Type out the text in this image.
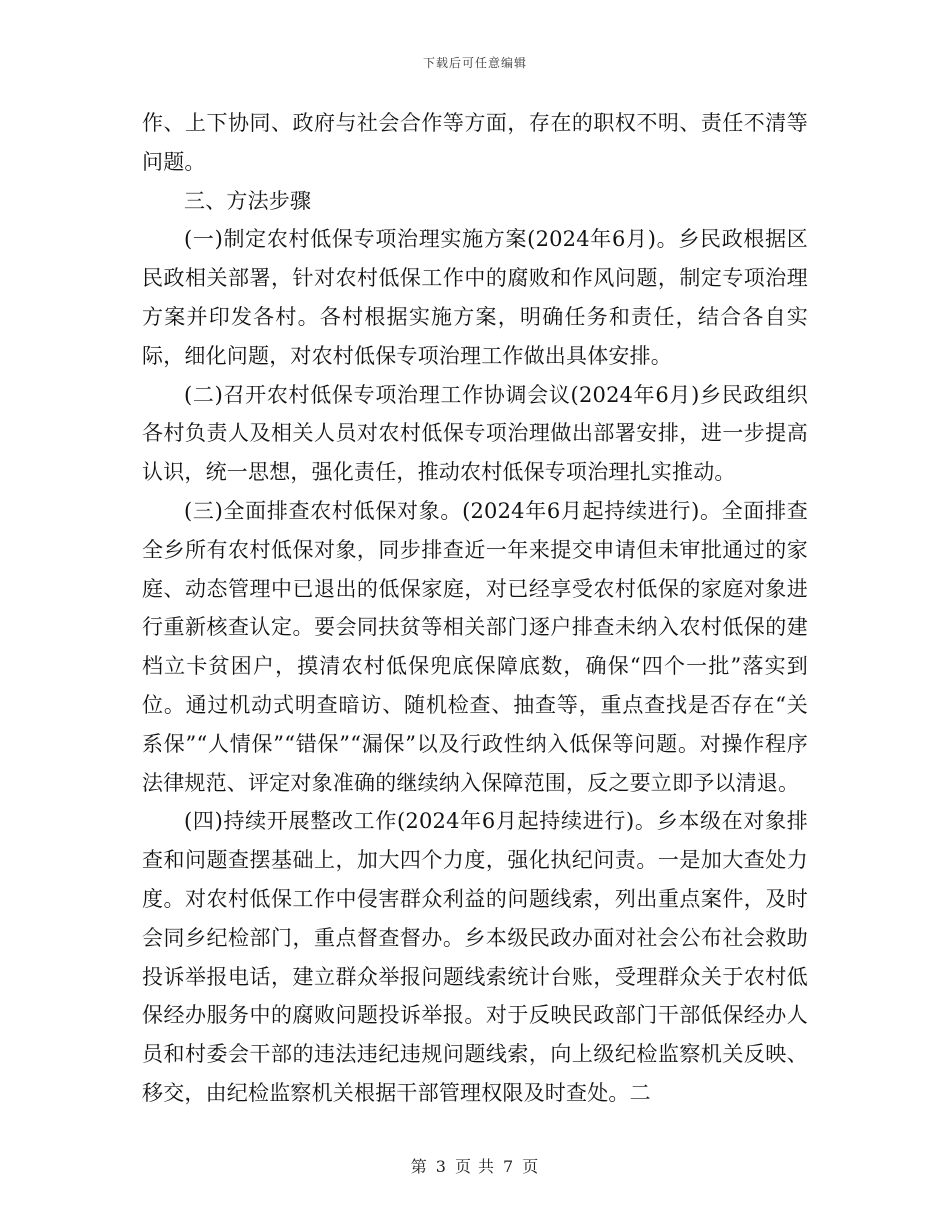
下载后可任意编辑

作、上下协同、政府与社会合作等方面，存在的职权不明、责任不清等问题。

三、方法步骤

(一)制定农村低保专项治理实施方案(2024年6月)。乡民政根据区民政相关部署，针对农村低保工作中的腐败和作风问题，制定专项治理方案并印发各村。各村根据实施方案，明确任务和责任，结合各自实际，细化问题，对农村低保专项治理工作做出具体安排。

(二)召开农村低保专项治理工作协调会议(2024年6月)乡民政组织各村负责人及相关人员对农村低保专项治理做出部署安排，进一步提高认识，统一思想，强化责任，推动农村低保专项治理扎实推动。

(三)全面排查农村低保对象。(2024年6月起持续进行)。全面排查全乡所有农村低保对象，同步排查近一年来提交申请但未审批通过的家庭、动态管理中已退出的低保家庭，对已经享受农村低保的家庭对象进行重新核查认定。要会同扶贫等相关部门逐户排查未纳入农村低保的建档立卡贫困户，摸清农村低保兜底保障底数，确保“四个一批”落实到位。通过机动式明查暗访、随机检查、抽查等，重点查找是否存在“关系保”“人情保”“错保”“漏保”以及行政性纳入低保等问题。对操作程序法律规范、评定对象准确的继续纳入保障范围，反之要立即予以清退。

(四)持续开展整改工作(2024年6月起持续进行)。乡本级在对象排查和问题查摆基础上，加大四个力度，强化执纪问责。一是加大查处力度。对农村低保工作中侵害群众利益的问题线索，列出重点案件，及时会同乡纪检部门，重点督查督办。乡本级民政办面对社会公布社会救助投诉举报电话，建立群众举报问题线索统计台账，受理群众关于农村低保经办服务中的腐败问题投诉举报。对于反映民政部门干部低保经办人员和村委会干部的违法违纪违规问题线索，向上级纪检监察机关反映、移交，由纪检监察机关根据干部管理权限及时查处。二

第 3 页 共 7 页
